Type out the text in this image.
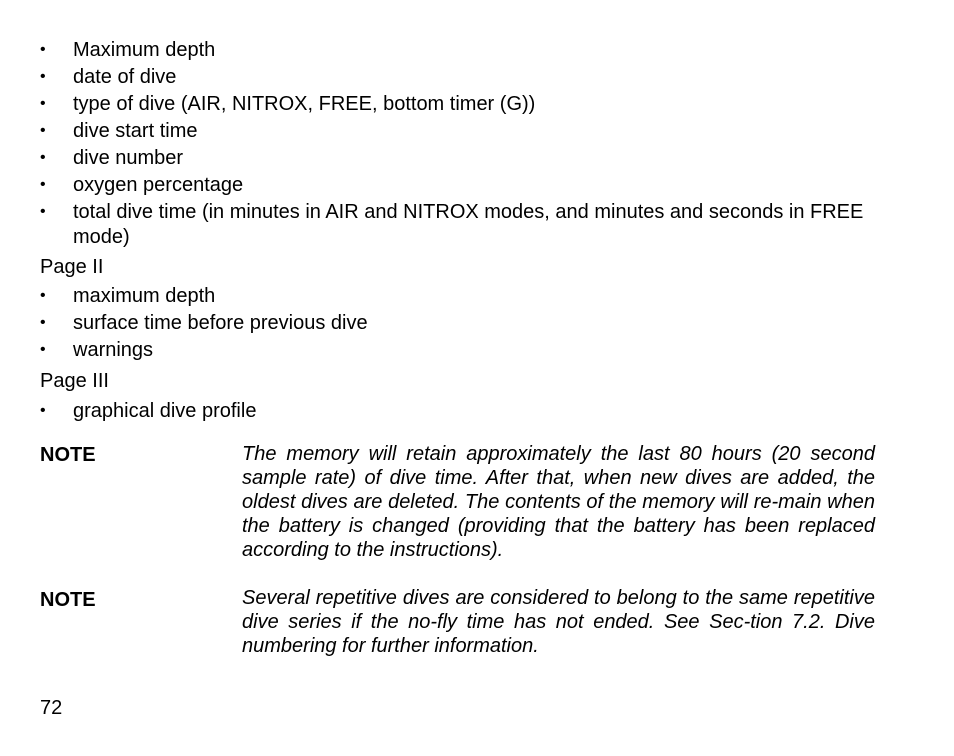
•	Maximum depth
•	date of dive
•	type of dive (AIR, NITROX, FREE, bottom timer (G))
•	dive start time
•	dive number
•	oxygen percentage
•	total dive time (in minutes in AIR and NITROX modes, and minutes and seconds in FREE mode)
Page II
•	maximum depth
•	surface time before previous dive
•	warnings
Page III
•	graphical dive profile
NOTE	The memory will retain approximately the last 80 hours (20 second sample rate) of dive time. After that, when new dives are added, the oldest dives are deleted. The contents of the memory will re-main when the battery is changed (providing that the battery has been replaced according to the instructions).
NOTE	Several repetitive dives are considered to belong to the same repetitive dive series if the no-fly time has not ended. See Sec-tion 7.2. Dive numbering for further information.
72
